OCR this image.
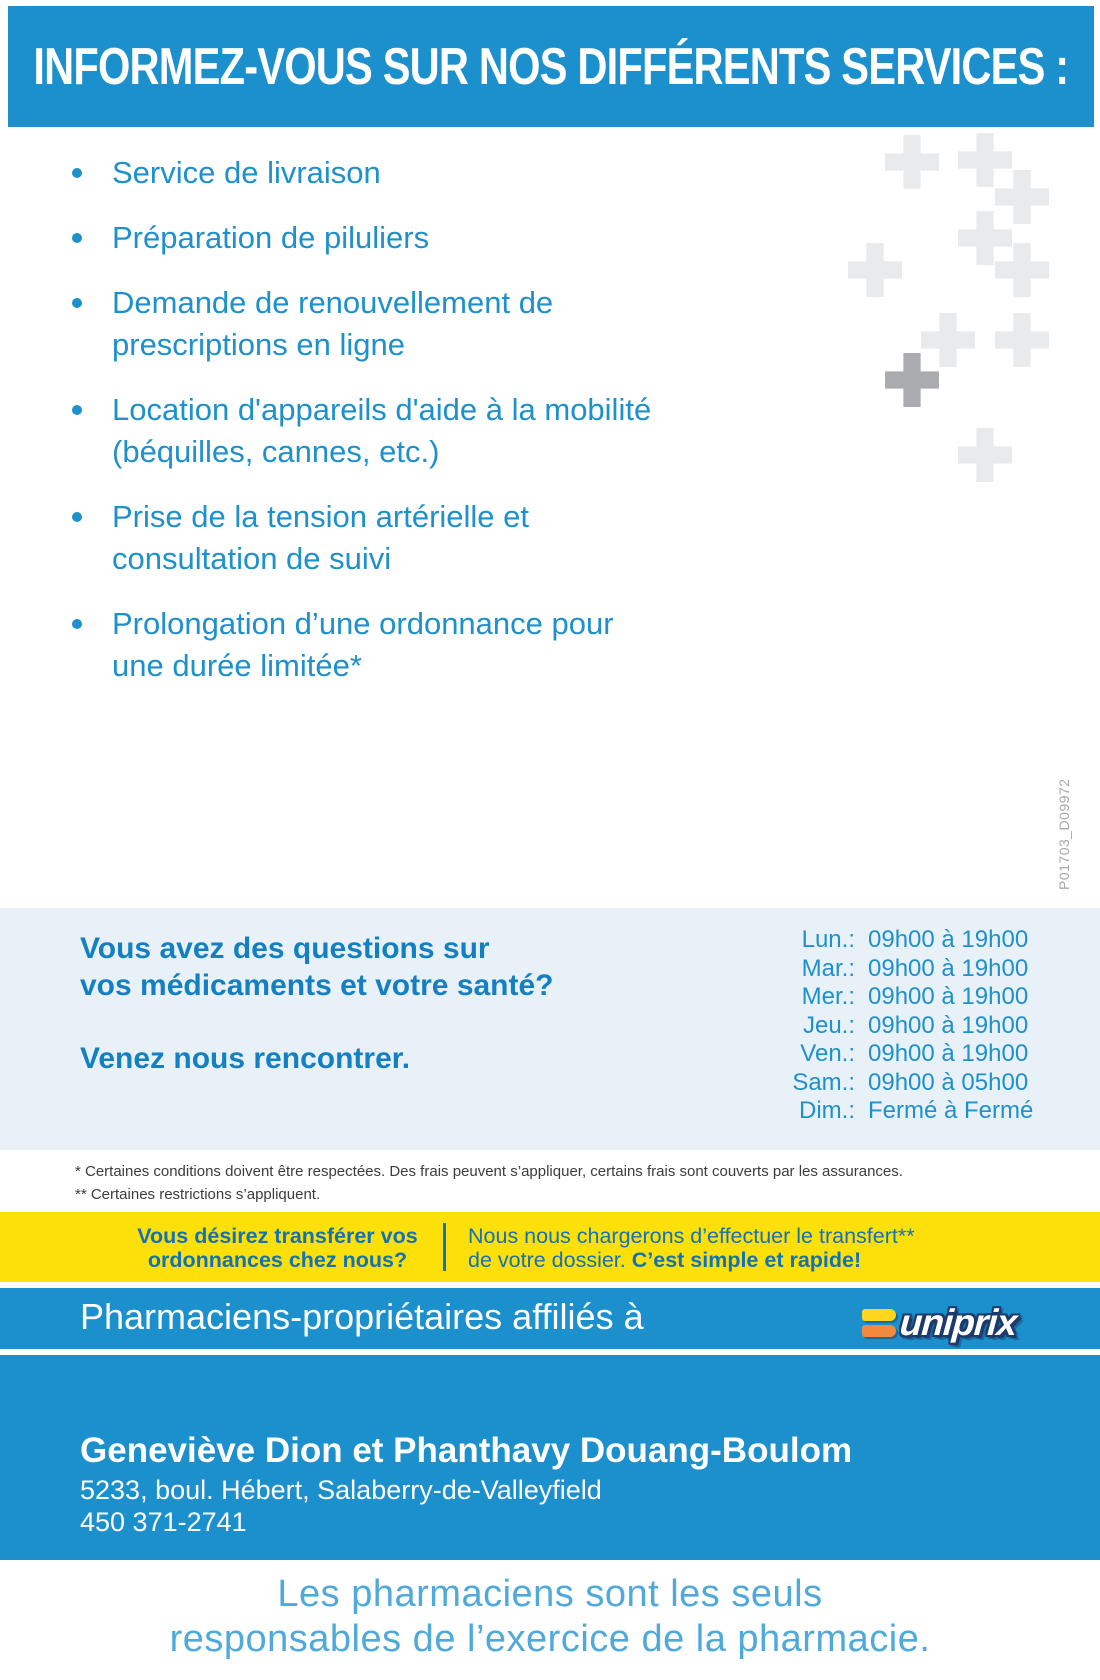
INFORMEZ-VOUS SUR NOS DIFFÉRENTS SERVICES :
Service de livraison
Préparation de piluliers
Demande de renouvellement de
prescriptions en ligne
Location d'appareils d'aide à la mobilité
(béquilles, cannes, etc.)
Prise de la tension artérielle et
consultation de suivi
Prolongation d’une ordonnance pour
une durée limitée*
P01703_D09972
Vous avez des questions sur
vos médicaments et votre santé?
Venez nous rencontrer.
Lun.: 09h00 à 19h00
Mar.: 09h00 à 19h00
Mer.: 09h00 à 19h00
Jeu.: 09h00 à 19h00
Ven.: 09h00 à 19h00
Sam.: 09h00 à 05h00
Dim.: Fermé à Fermé
* Certaines conditions doivent être respectées. Des frais peuvent s’appliquer, certains frais sont couverts par les assurances.
** Certaines restrictions s’appliquent.
Vous désirez transférer vos
ordonnances chez nous?
Nous nous chargerons d’effectuer le transfert**
de votre dossier. C’est simple et rapide!
Pharmaciens-propriétaires affiliés à	uniprix
Geneviève Dion et Phanthavy Douang-Boulom
5233, boul. Hébert, Salaberry-de-Valleyfield
450 371-2741
Les pharmaciens sont les seuls
responsables de l’exercice de la pharmacie.
